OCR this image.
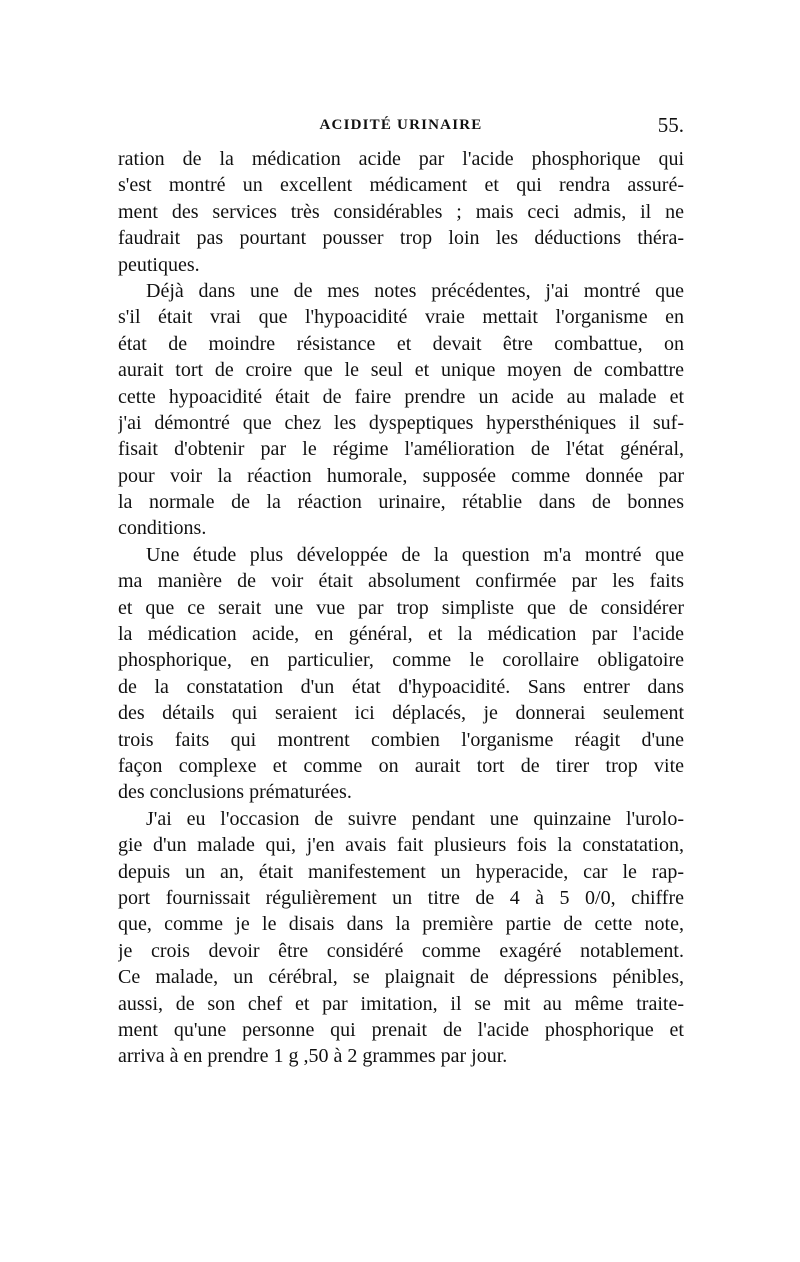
ACIDITÉ URINAIRE	55.
ration de la médication acide par l'acide phosphorique qui
s'est montré un excellent médicament et qui rendra assuré-
ment des services très considérables ; mais ceci admis, il ne
faudrait pas pourtant pousser trop loin les déductions théra-
peutiques.
Déjà dans une de mes notes précédentes, j'ai montré que
s'il était vrai que l'hypoacidité vraie mettait l'organisme en
état de moindre résistance et devait être combattue, on
aurait tort de croire que le seul et unique moyen de combattre
cette hypoacidité était de faire prendre un acide au malade et
j'ai démontré que chez les dyspeptiques hypersthéniques il suf-
fisait d'obtenir par le régime l'amélioration de l'état général,
pour voir la réaction humorale, supposée comme donnée par
la normale de la réaction urinaire, rétablie dans de bonnes
conditions.
Une étude plus développée de la question m'a montré que
ma manière de voir était absolument confirmée par les faits
et que ce serait une vue par trop simpliste que de considérer
la médication acide, en général, et la médication par l'acide
phosphorique, en particulier, comme le corollaire obligatoire
de la constatation d'un état d'hypoacidité. Sans entrer dans
des détails qui seraient ici déplacés, je donnerai seulement
trois faits qui montrent combien l'organisme réagit d'une
façon complexe et comme on aurait tort de tirer trop vite
des conclusions prématurées.
J'ai eu l'occasion de suivre pendant une quinzaine l'urolo-
gie d'un malade qui, j'en avais fait plusieurs fois la constatation,
depuis un an, était manifestement un hyperacide, car le rap-
port fournissait régulièrement un titre de 4 à 5 0/0, chiffre
que, comme je le disais dans la première partie de cette note,
je crois devoir être considéré comme exagéré notablement.
Ce malade, un cérébral, se plaignait de dépressions pénibles,
aussi, de son chef et par imitation, il se mit au même traite-
ment qu'une personne qui prenait de l'acide phosphorique et
arriva à en prendre 1 g ,50 à 2 grammes par jour.
